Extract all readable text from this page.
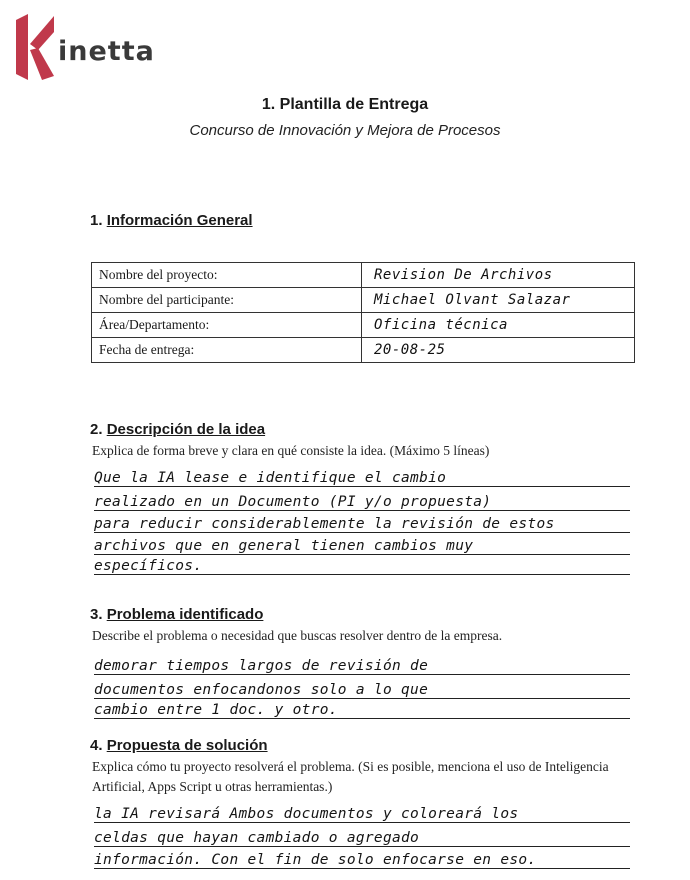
inetta
1. Plantilla de Entrega
Concurso de Innovación y Mejora de Procesos
1. Información General
Nombre del proyecto:	Revision De Archivos
Nombre del participante:	Michael Olvant Salazar
Área/Departamento:	Oficina técnica
Fecha de entrega:	20-08-25
2. Descripción de la idea
Explica de forma breve y clara en qué consiste la idea. (Máximo 5 líneas)
Que la IA lease e identifique el cambio
realizado en un Documento (PI y/o propuesta)
para reducir considerablemente la revisión de estos
archivos que en general tienen cambios muy
específicos.
3. Problema identificado
Describe el problema o necesidad que buscas resolver dentro de la empresa.
demorar tiempos largos de revisión de
documentos enfocandonos solo a lo que
cambio entre 1 doc. y otro.
4. Propuesta de solución
Explica cómo tu proyecto resolverá el problema. (Si es posible, menciona el uso de Inteligencia Artificial, Apps Script u otras herramientas.)
la IA revisará Ambos documentos y coloreará los
celdas que hayan cambiado o agregado
información. Con el fin de solo enfocarse en eso.
